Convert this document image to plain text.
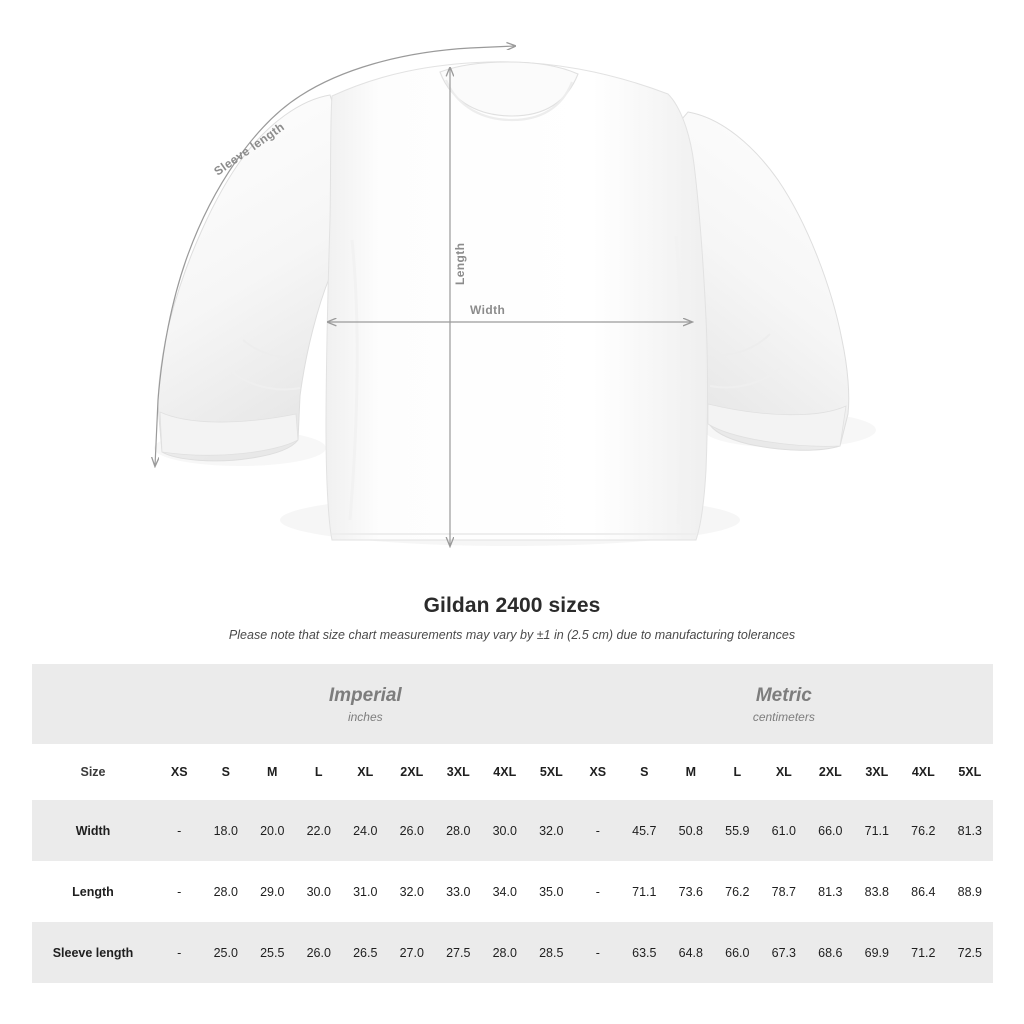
Sleeve length
Length
Width
Gildan 2400 sizes
Please note that size chart measurements may vary by ±1 in (2.5 cm) due to manufacturing tolerances

Imperial
inches

Metric
centimeters

Size		XS	S	M	L	XL	2XL	3XL	4XL	5XL	XS	S	M	L	XL	2XL	3XL	4XL	5XL
Width		-	18.0	20.0	22.0	24.0	26.0	28.0	30.0	32.0	-	45.7	50.8	55.9	61.0	66.0	71.1	76.2	81.3
Length		-	28.0	29.0	30.0	31.0	32.0	33.0	34.0	35.0	-	71.1	73.6	76.2	78.7	81.3	83.8	86.4	88.9
Sleeve length		-	25.0	25.5	26.0	26.5	27.0	27.5	28.0	28.5	-	63.5	64.8	66.0	67.3	68.6	69.9	71.2	72.5
